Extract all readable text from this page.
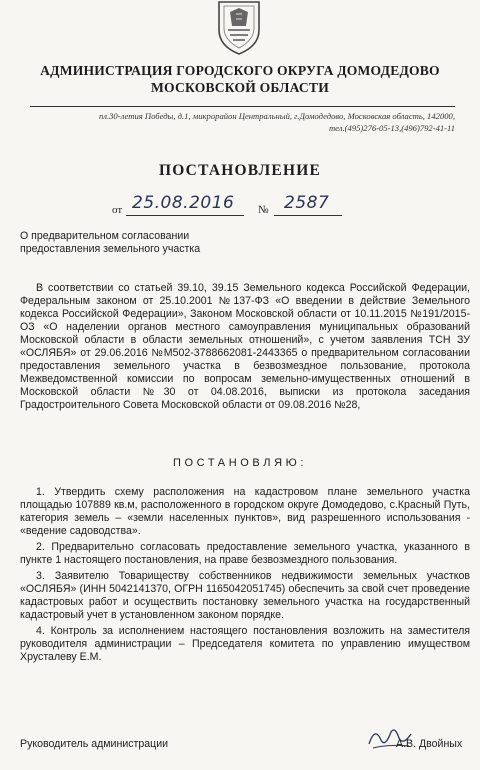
АДМИНИСТРАЦИЯ ГОРОДСКОГО ОКРУГА ДОМОДЕДОВО
МОСКОВСКОЙ ОБЛАСТИ
пл.30-летия Победы, д.1, микрорайон Центральный, г.Домодедово, Московская область, 142000,
тел.(495)276-05-13,(496)792-41-11
ПОСТАНОВЛЕНИЕ
от 25.08.2016 № 2587
О предварительном согласовании
предоставления земельного участка

В соответствии со статьей 39.10, 39.15 Земельного кодекса Российской Федерации, Федеральным законом от 25.10.2001 №137-ФЗ «О введении в действие Земельного кодекса Российской Федерации», Законом Московской области от 10.11.2015 №191/2015-ОЗ «О наделении органов местного самоуправления муниципальных образований Московской области в области земельных отношений», с учетом заявления ТСН ЗУ «ОСЛЯБЯ» от 29.06.2016 №M502-3788662081-2443365 о предварительном согласовании предоставления земельного участка в безвозмездное пользование, протокола Межведомственной комиссии по вопросам земельно-имущественных отношений в Московской области №30 от 04.08.2016, выписки из протокола заседания Градостроительного Совета Московской области от 09.08.2016 №28,

ПОСТАНОВЛЯЮ:

1. Утвердить схему расположения на кадастровом плане земельного участка площадью 107889 кв.м, расположенного в городском округе Домодедово, с.Красный Путь, категория земель – «земли населенных пунктов», вид разрешенного использования - «ведение садоводства».

2. Предварительно согласовать предоставление земельного участка, указанного в пункте 1 настоящего постановления, на праве безвозмездного пользования.

3. Заявителю Товариществу собственников недвижимости земельных участков «ОСЛЯБЯ» (ИНН 5042141370, ОГРН 1165042051745) обеспечить за свой счет проведение кадастровых работ и осуществить постановку земельного участка на государственный кадастровый учет в установленном законом порядке.

4. Контроль за исполнением настоящего постановления возложить на заместителя руководителя администрации – Председателя комитета по управлению имуществом Хрусталеву Е.М.

Руководитель администрации	А.В. Двойных
